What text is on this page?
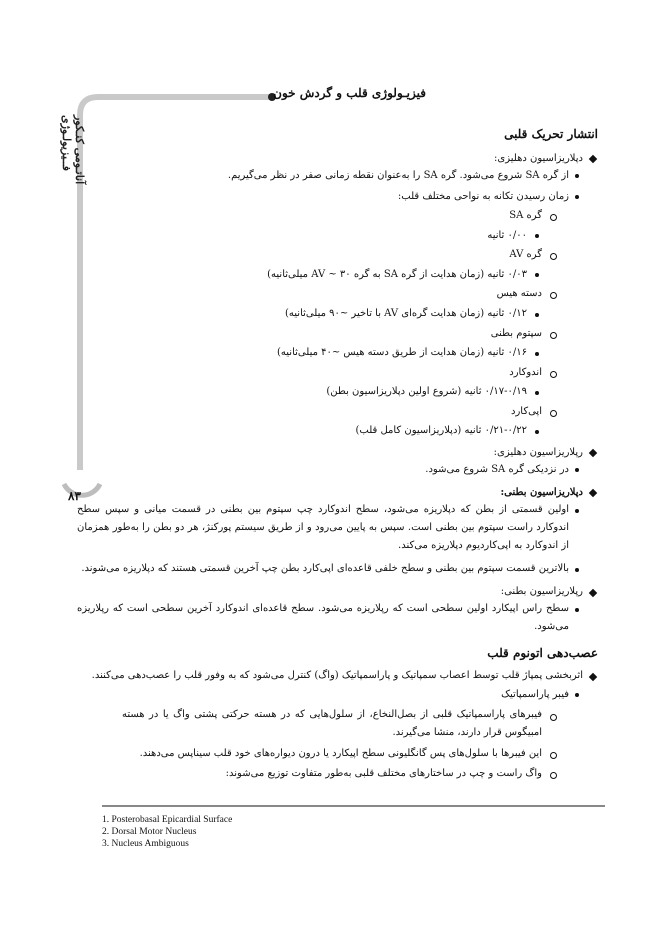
فیزیـولوژی قلب و گردش خون
آناتـومی کنـکور فــیزیولـوژی
۸۳
انتشار تحریک قلبی
دپلاریزاسیون دهلیزی:
از گره SA شروع می‌شود. گره SA را به‌عنوان نقطه زمانی صفر در نظر می‌گیریم.
زمان رسیدن تکانه به نواحی مختلف قلب:
گره SA
۰/۰۰ ثانیه
گره AV
۰/۰۳ ثانیه (زمان هدایت از گره SA به گره AV ~ ۳۰ میلی‌ثانیه)
دسته هیس
۰/۱۲ ثانیه (زمان هدایت گره‌ای AV با تاخیر ~۹۰ میلی‌ثانیه)
سپتوم بطنی
۰/۱۶ ثانیه (زمان هدایت از طریق دسته هیس ~۴۰ میلی‌ثانیه)
اندوکارد
۰/۱۷-۰/۱۹ ثانیه (شروع اولین دپلاریزاسیون بطن)
اپی‌کارد
۰/۲۱-۰/۲۲ ثانیه (دپلاریزاسیون کامل قلب)
رپلاریزاسیون دهلیزی:
در نزدیکی گره SA شروع می‌شود.
دپلاریزاسیون بطنی:
اولین قسمتی از بطن که دپلاریزه می‌شود، سطح اندوکارد چپ سپتوم بین بطنی در قسمت میانی و سپس سطح اندوکارد راست سپتوم بین بطنی است. سپس به پایین می‌رود و از طریق سیستم پورکنژ، هر دو بطن را به‌طور همزمان از اندوکارد به اپی‌کاردیوم دپلاریزه می‌کند.
بالاترین قسمت سپتوم بین بطنی و سطح خلفی قاعده‌ای اپی‌کارد بطن چپ آخرین قسمتی هستند که دپلاریزه می‌شوند.
رپلاریزاسیون بطنی:
سطح راس اپیکارد اولین سطحی است که رپلاریزه می‌شود. سطح قاعده‌ای اندوکارد آخرین سطحی است که رپلاریزه می‌شود.
عصب‌دهی اتونوم قلب
اثربخشی پمپاژ قلب توسط اعصاب سمپاتیک و پاراسمپاتیک (واگ) کنترل می‌شود که به وفور قلب را عصب‌دهی می‌کنند.
فیبر پاراسمپاتیک
فیبرهای پاراسمپاتیک قلبی از بصل‌النخاع، از سلول‌هایی که در هسته حرکتی پشتی واگ یا در هسته امبیگوس قرار دارند، منشا می‌گیرند.
این فیبرها با سلول‌های پس گانگلیونی سطح اپیکارد یا درون دیواره‌های خود قلب سیناپس می‌دهند.
واگ راست و چپ در ساختارهای مختلف قلبی به‌طور متفاوت توزیع می‌شوند:
1. Posterobasal Epicardial Surface
2. Dorsal Motor Nucleus
3. Nucleus Ambiguous
